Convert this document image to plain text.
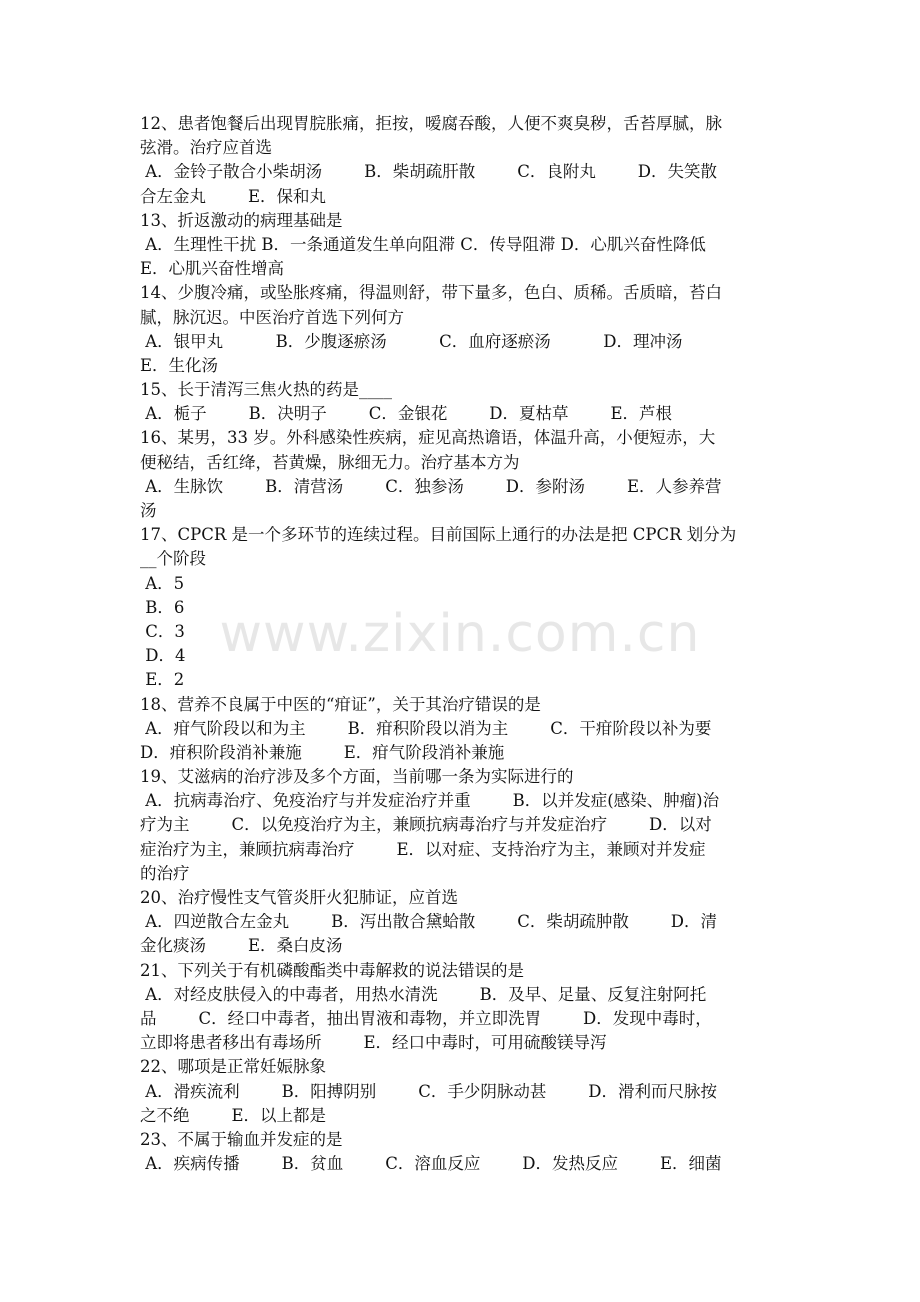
12、患者饱餐后出现胃脘胀痛，拒按，嗳腐吞酸，人便不爽臭秽，舌苔厚腻，脉
弦滑。治疗应首选
A．金铃子散合小柴胡汤        B．柴胡疏肝散        C．良附丸        D．失笑散
合左金丸        E．保和丸
13、折返激动的病理基础是
A．生理性干扰 B．一条通道发生单向阻滞 C．传导阻滞 D．心肌兴奋性降低
E．心肌兴奋性增高
14、少腹冷痛，或坠胀疼痛，得温则舒，带下量多，色白、质稀。舌质暗，苔白
腻，脉沉迟。中医治疗首选下列何方
A．银甲丸          B．少腹逐瘀汤          C．血府逐瘀汤          D．理冲汤
E．生化汤
15、长于清泻三焦火热的药是____
A．栀子        B．决明子        C．金银花        D．夏枯草        E．芦根
16、某男，33 岁。外科感染性疾病，症见高热谵语，体温升高，小便短赤，大
便秘结，舌红绛，苔黄燥，脉细无力。治疗基本方为
A．生脉饮        B．清营汤        C．独参汤        D．参附汤        E．人参养营
汤
17、CPCR 是一个多环节的连续过程。目前国际上通行的办法是把 CPCR 划分为
__个阶段
A．5
B．6
C．3
D．4
E．2
18、营养不良属于中医的“疳证”，关于其治疗错误的是
A．疳气阶段以和为主        B．疳积阶段以消为主        C．干疳阶段以补为要
D．疳积阶段消补兼施        E．疳气阶段消补兼施
19、艾滋病的治疗涉及多个方面，当前哪一条为实际进行的
A．抗病毒治疗、免疫治疗与并发症治疗并重        B．以并发症(感染、肿瘤)治
疗为主        C．以免疫治疗为主，兼顾抗病毒治疗与并发症治疗        D．以对
症治疗为主，兼顾抗病毒治疗        E．以对症、支持治疗为主，兼顾对并发症
的治疗
20、治疗慢性支气管炎肝火犯肺证，应首选
A．四逆散合左金丸        B．泻出散合黛蛤散        C．柴胡疏肿散        D．清
金化痰汤        E．桑白皮汤
21、下列关于有机磷酸酯类中毒解救的说法错误的是
A．对经皮肤侵入的中毒者，用热水清洗        B．及早、足量、反复注射阿托
品        C．经口中毒者，抽出胃液和毒物，并立即洗胃        D．发现中毒时，
立即将患者移出有毒场所        E．经口中毒时，可用硫酸镁导泻
22、哪项是正常妊娠脉象
A．滑疾流利        B．阳搏阴别        C．手少阴脉动甚        D．滑利而尺脉按
之不绝        E．以上都是
23、不属于输血并发症的是
A．疾病传播        B．贫血        C．溶血反应        D．发热反应        E．细菌
www.zixin.com.cn
